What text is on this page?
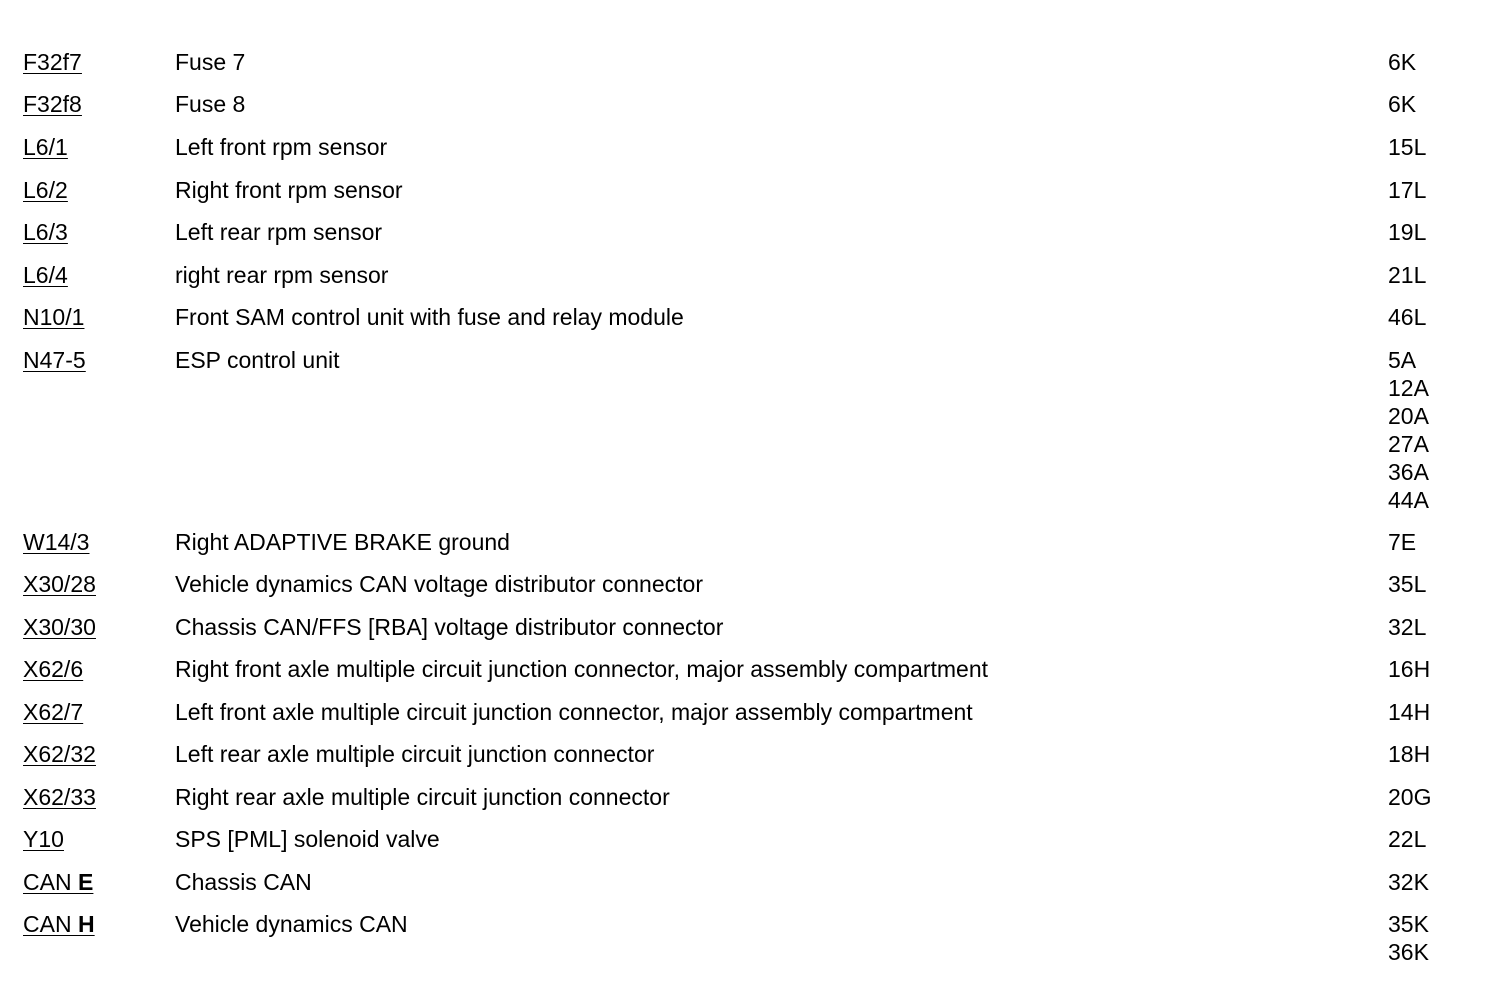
F32f7	Fuse 7	6K
F32f8	Fuse 8	6K
L6/1	Left front rpm sensor	15L
L6/2	Right front rpm sensor	17L
L6/3	Left rear rpm sensor	19L
L6/4	right rear rpm sensor	21L
N10/1	Front SAM control unit with fuse and relay module	46L
N47-5	ESP control unit	5A
12A
20A
27A
36A
44A
W14/3	Right ADAPTIVE BRAKE ground	7E
X30/28	Vehicle dynamics CAN voltage distributor connector	35L
X30/30	Chassis CAN/FFS [RBA] voltage distributor connector	32L
X62/6	Right front axle multiple circuit junction connector, major assembly compartment	16H
X62/7	Left front axle multiple circuit junction connector, major assembly compartment	14H
X62/32	Left rear axle multiple circuit junction connector	18H
X62/33	Right rear axle multiple circuit junction connector	20G
Y10	SPS [PML] solenoid valve	22L
CAN E	Chassis CAN	32K
CAN H	Vehicle dynamics CAN	35K
36K
